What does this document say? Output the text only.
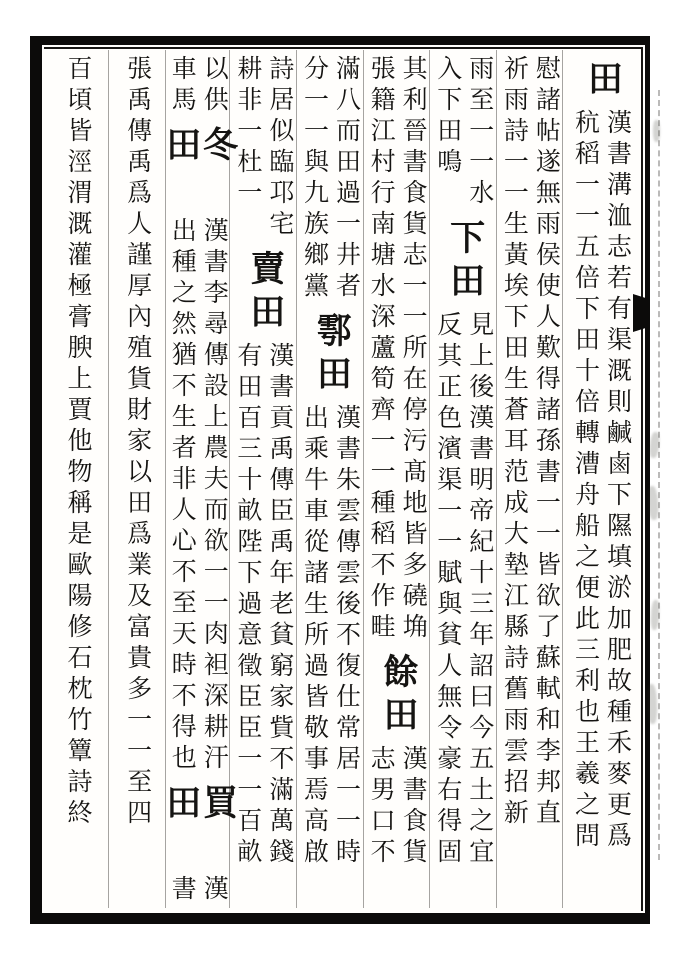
田
漢書溝洫志若有渠溉則鹹鹵下隰填淤加肥故種禾麥更爲
秔稻一一五倍下田十倍轉漕舟船之便此三利也王羲之問
慰諸帖遂無雨侯使人歎得諸孫書一一皆欲了蘇軾和李邦直
祈雨詩一一生黃埃下田生蒼耳范成大墊江縣詩舊雨雲招新
雨至一一水
入下田鳴
下田
見上後漢書明帝紀十三年詔曰今五土之宜
反其正色濱渠一一賦與貧人無令豪右得固
其利晉書食貨志一一所在停污髙地皆多磽埆
張籍江村行南塘水深蘆筍齊一一種稻不作畦
餘田
漢書食貨
志男口不
滿八而田過一井者
分一一與九族鄉黨
鄠田
漢書朱雲傳雲後不復仕常居一一時
出乘牛車從諸生所過皆敬事焉高啟
詩居似臨邛宅
耕非一杜一
賣田
漢書貢禹傳臣禹年老貧窮家貲不滿萬錢
有田百三十畝陛下過意徵臣臣一一百畝
以供
車馬
冬田
漢書李尋傳設上農夫而欲一一肉袒深耕汗
出種之然猶不生者非人心不至天時不得也
買田
漢
書
張禹傳禹爲人謹厚內殖貨財家以田爲業及富貴多一一至四
百頃皆涇渭溉灌極膏腴上賈他物稱是歐陽修石枕竹簟詩終
